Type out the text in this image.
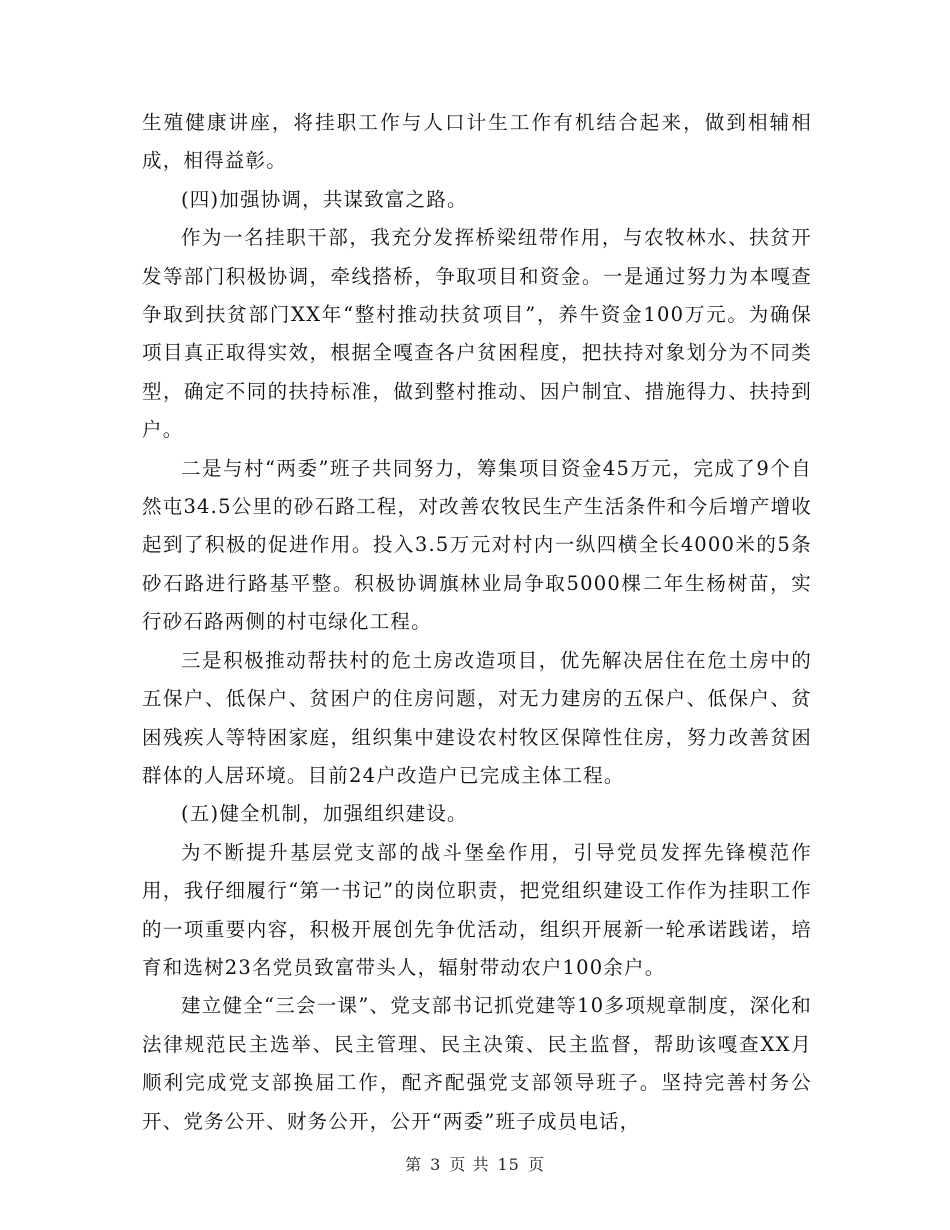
生殖健康讲座，将挂职工作与人口计生工作有机结合起来，做到相辅相成，相得益彰。

(四)加强协调，共谋致富之路。

作为一名挂职干部，我充分发挥桥梁纽带作用，与农牧林水、扶贫开发等部门积极协调，牵线搭桥，争取项目和资金。一是通过努力为本嘎查争取到扶贫部门XX年“整村推动扶贫项目”，养牛资金100万元。为确保项目真正取得实效，根据全嘎查各户贫困程度，把扶持对象划分为不同类型，确定不同的扶持标准，做到整村推动、因户制宜、措施得力、扶持到户。

二是与村“两委”班子共同努力，筹集项目资金45万元，完成了9个自然屯34.5公里的砂石路工程，对改善农牧民生产生活条件和今后增产增收起到了积极的促进作用。投入3.5万元对村内一纵四横全长4000米的5条砂石路进行路基平整。积极协调旗林业局争取5000棵二年生杨树苗，实行砂石路两侧的村屯绿化工程。

三是积极推动帮扶村的危土房改造项目，优先解决居住在危土房中的五保户、低保户、贫困户的住房问题，对无力建房的五保户、低保户、贫困残疾人等特困家庭，组织集中建设农村牧区保障性住房，努力改善贫困群体的人居环境。目前24户改造户已完成主体工程。

(五)健全机制，加强组织建设。

为不断提升基层党支部的战斗堡垒作用，引导党员发挥先锋模范作用，我仔细履行“第一书记”的岗位职责，把党组织建设工作作为挂职工作的一项重要内容，积极开展创先争优活动，组织开展新一轮承诺践诺，培育和选树23名党员致富带头人，辐射带动农户100余户。

建立健全“三会一课”、党支部书记抓党建等10多项规章制度，深化和法律规范民主选举、民主管理、民主决策、民主监督，帮助该嘎查XX月顺利完成党支部换届工作，配齐配强党支部领导班子。坚持完善村务公开、党务公开、财务公开，公开“两委”班子成员电话，

第 3 页 共 15 页
